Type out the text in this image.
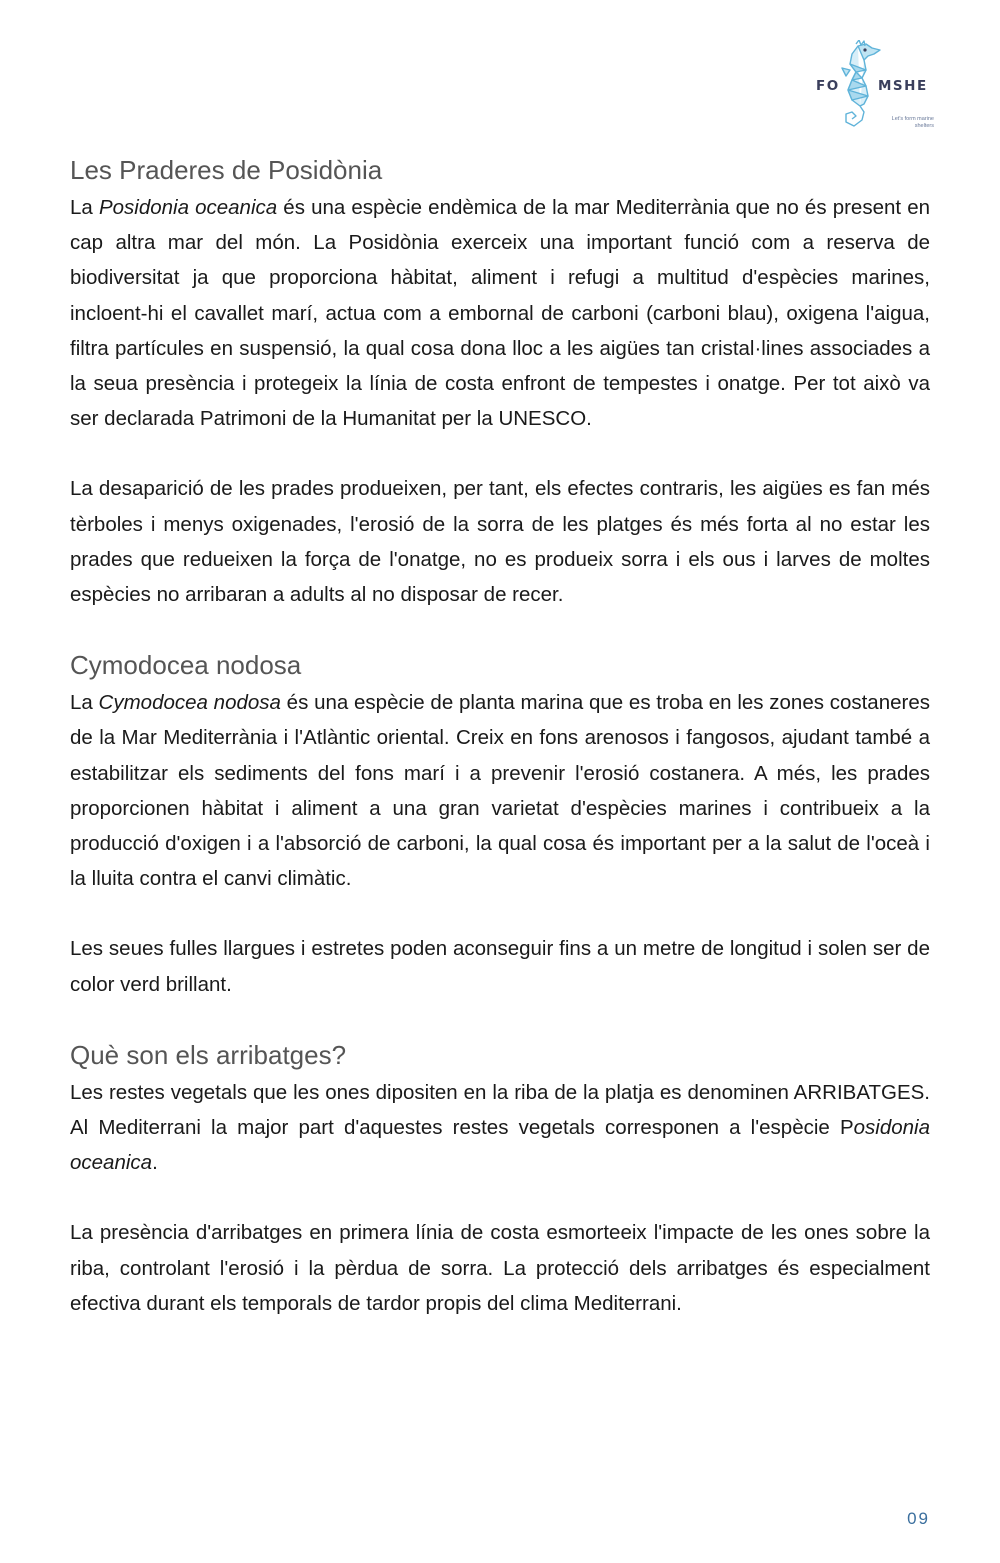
FO	MSHE
Let's form marine shelters
Les Praderes de Posidònia

La Posidonia oceanica és una espècie endèmica de la mar Mediterrània que no és present en cap altra mar del món. La Posidònia exerceix una important funció com a reserva de biodiversitat ja que proporciona hàbitat, aliment i refugi a multitud d'espècies marines, incloent-hi el cavallet marí, actua com a embornal de carboni (carboni blau), oxigena l'aigua, filtra partícules en suspensió, la qual cosa dona lloc a les aigües tan cristal·lines associades a la seua presència i protegeix la línia de costa enfront de tempestes i onatge. Per tot això va ser declarada Patrimoni de la Humanitat per la UNESCO.

La desaparició de les prades produeixen, per tant, els efectes contraris, les aigües es fan més tèrboles i menys oxigenades, l'erosió de la sorra de les platges és més forta al no estar les prades que redueixen la força de l'onatge, no es produeix sorra i els ous i larves de moltes espècies no arribaran a adults al no disposar de recer.

Cymodocea nodosa

La Cymodocea nodosa és una espècie de planta marina que es troba en les zones costaneres de la Mar Mediterrània i l'Atlàntic oriental. Creix en fons arenosos i fangosos, ajudant també a estabilitzar els sediments del fons marí i a prevenir l'erosió costanera. A més, les prades proporcionen hàbitat i aliment a una gran varietat d'espècies marines i contribueix a la producció d'oxigen i a l'absorció de carboni, la qual cosa és important per a la salut de l'oceà i la lluita contra el canvi climàtic.

Les seues fulles llargues i estretes poden aconseguir fins a un metre de longitud i solen ser de color verd brillant.

Què son els arribatges?

Les restes vegetals que les ones dipositen en la riba de la platja es denominen ARRIBATGES. Al Mediterrani la major part d'aquestes restes vegetals corresponen a l'espècie Posidonia oceanica.

La presència d'arribatges en primera línia de costa esmorteeix l'impacte de les ones sobre la riba, controlant l'erosió i la pèrdua de sorra. La protecció dels arribatges és especialment efectiva durant els temporals de tardor propis del clima Mediterrani.

09
